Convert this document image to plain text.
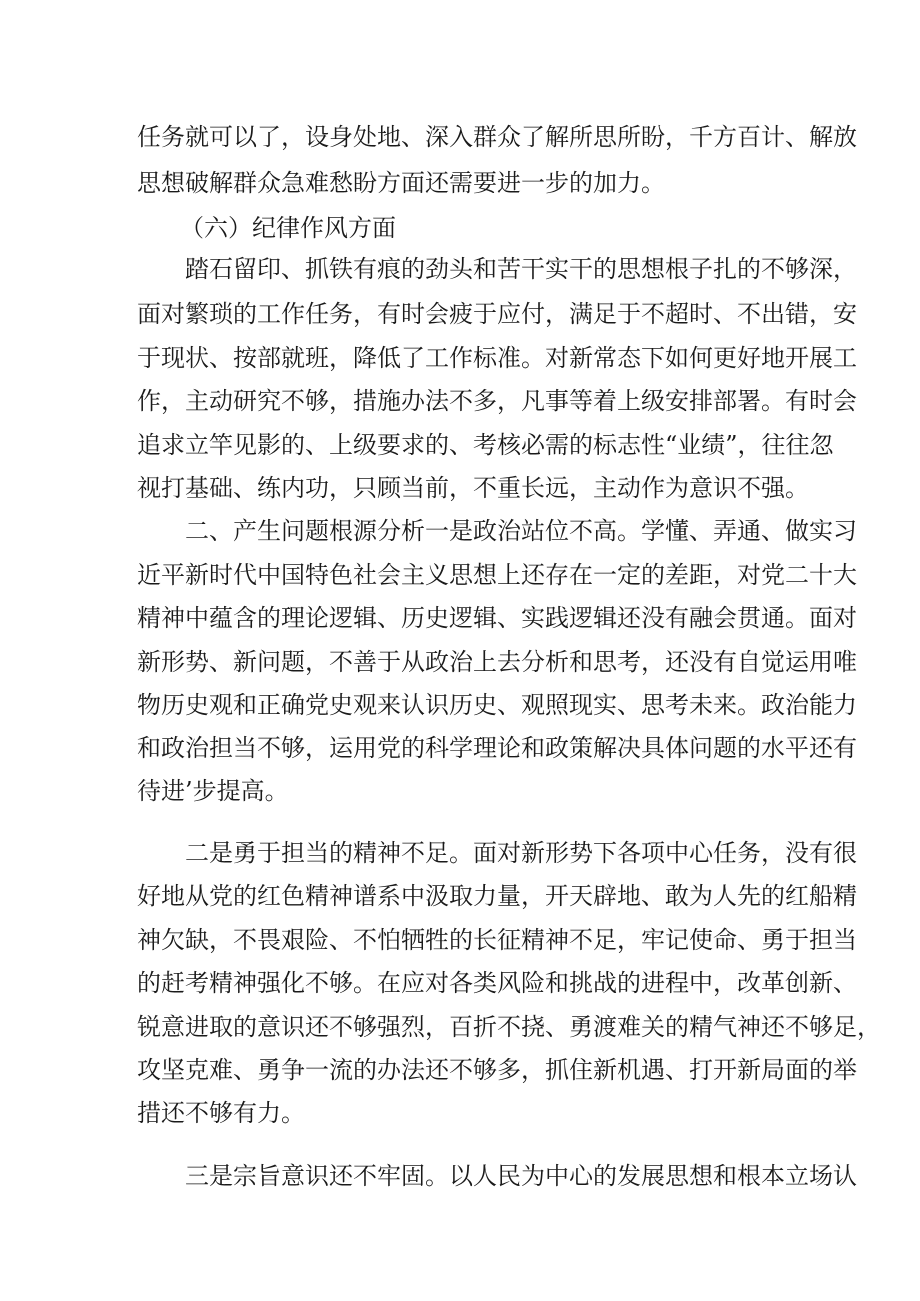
任务就可以了，设身处地、深入群众了解所思所盼，千方百计、解放
思想破解群众急难愁盼方面还需要进一步的加力。
（六）纪律作风方面
踏石留印、抓铁有痕的劲头和苦干实干的思想根子扎的不够深，
面对繁琐的工作任务，有时会疲于应付，满足于不超时、不出错，安
于现状、按部就班，降低了工作标准。对新常态下如何更好地开展工
作，主动研究不够，措施办法不多，凡事等着上级安排部署。有时会
追求立竿见影的、上级要求的、考核必需的标志性“业绩”，往往忽
视打基础、练内功，只顾当前，不重长远，主动作为意识不强。
二、产生问题根源分析一是政治站位不高。学懂、弄通、做实习
近平新时代中国特色社会主义思想上还存在一定的差距，对党二十大
精神中蕴含的理论逻辑、历史逻辑、实践逻辑还没有融会贯通。面对
新形势、新问题，不善于从政治上去分析和思考，还没有自觉运用唯
物历史观和正确党史观来认识历史、观照现实、思考未来。政治能力
和政治担当不够，运用党的科学理论和政策解决具体问题的水平还有
待进’步提高。
二是勇于担当的精神不足。面对新形势下各项中心任务，没有很
好地从党的红色精神谱系中汲取力量，开天辟地、敢为人先的红船精
神欠缺，不畏艰险、不怕牺牲的长征精神不足，牢记使命、勇于担当
的赶考精神强化不够。在应对各类风险和挑战的进程中，改革创新、
锐意进取的意识还不够强烈，百折不挠、勇渡难关的精气神还不够足，
攻坚克难、勇争一流的办法还不够多，抓住新机遇、打开新局面的举
措还不够有力。
三是宗旨意识还不牢固。以人民为中心的发展思想和根本立场认
